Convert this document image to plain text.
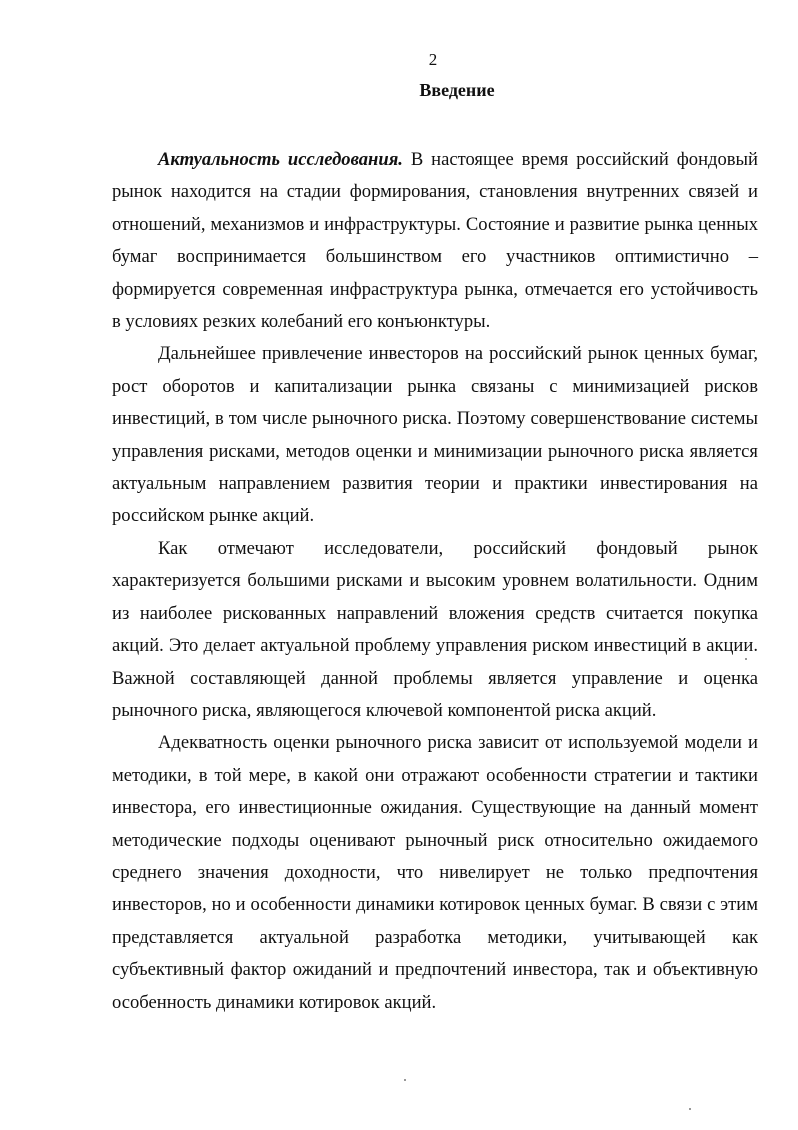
2
Введение

Актуальность исследования. В настоящее время российский фондовый рынок находится на стадии формирования, становления внутренних связей и отношений, механизмов и инфраструктуры. Состояние и развитие рынка ценных бумаг воспринимается большинством его участников оптимистично – формируется современная инфраструктура рынка, отмечается его устойчивость в условиях резких колебаний его конъюнктуры.

Дальнейшее привлечение инвесторов на российский рынок ценных бумаг, рост оборотов и капитализации рынка связаны с минимизацией рисков инвестиций, в том числе рыночного риска. Поэтому совершенствование системы управления рисками, методов оценки и минимизации рыночного риска является актуальным направлением развития теории и практики инвестирования на российском рынке акций.

Как отмечают исследователи, российский фондовый рынок характеризуется большими рисками и высоким уровнем волатильности. Одним из наиболее рискованных направлений вложения средств считается покупка акций. Это делает актуальной проблему управления риском инвестиций в акции. Важной составляющей данной проблемы является управление и оценка рыночного риска, являющегося ключевой компонентой риска акций.

Адекватность оценки рыночного риска зависит от используемой модели и методики, в той мере, в какой они отражают особенности стратегии и тактики инвестора, его инвестиционные ожидания. Существующие на данный момент методические подходы оценивают рыночный риск относительно ожидаемого среднего значения доходности, что нивелирует не только предпочтения инвесторов, но и особенности динамики котировок ценных бумаг. В связи с этим представляется актуальной разработка методики, учитывающей как субъективный фактор ожиданий и предпочтений инвестора, так и объективную особенность динамики котировок акций.
